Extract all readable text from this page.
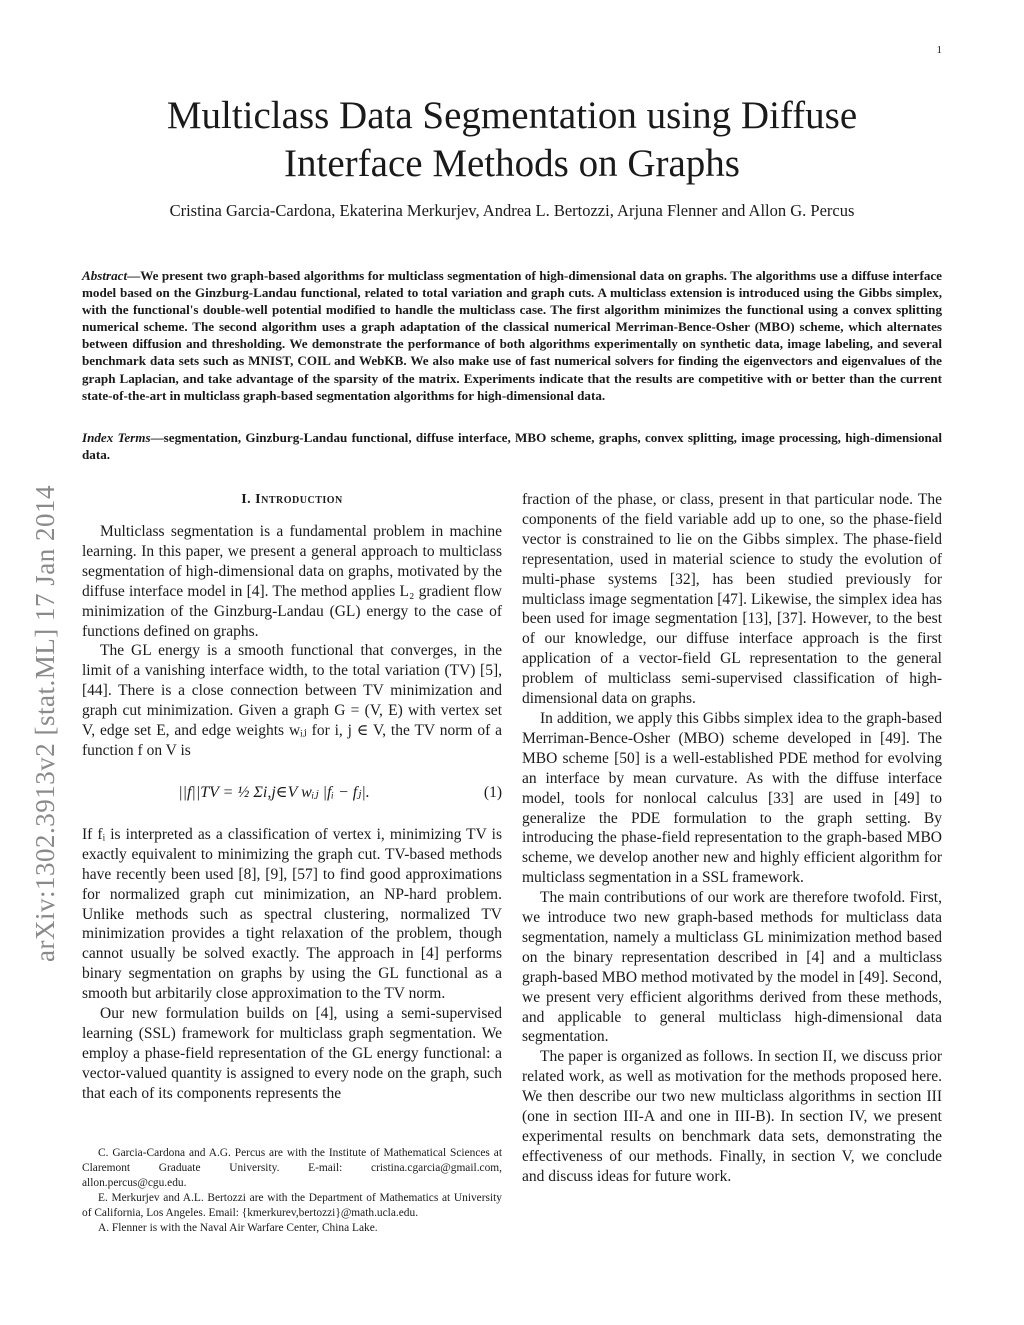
1
arXiv:1302.3913v2 [stat.ML] 17 Jan 2014
Multiclass Data Segmentation using Diffuse
Interface Methods on Graphs
Cristina Garcia-Cardona, Ekaterina Merkurjev, Andrea L. Bertozzi, Arjuna Flenner and Allon G. Percus

Abstract—We present two graph-based algorithms for multiclass segmentation of high-dimensional data on graphs. The algorithms use a diffuse interface model based on the Ginzburg-Landau functional, related to total variation and graph cuts. A multiclass extension is introduced using the Gibbs simplex, with the functional's double-well potential modified to handle the multiclass case. The first algorithm minimizes the functional using a convex splitting numerical scheme. The second algorithm uses a graph adaptation of the classical numerical Merriman-Bence-Osher (MBO) scheme, which alternates between diffusion and thresholding. We demonstrate the performance of both algorithms experimentally on synthetic data, image labeling, and several benchmark data sets such as MNIST, COIL and WebKB. We also make use of fast numerical solvers for finding the eigenvectors and eigenvalues of the graph Laplacian, and take advantage of the sparsity of the matrix. Experiments indicate that the results are competitive with or better than the current state-of-the-art in multiclass graph-based segmentation algorithms for high-dimensional data.

Index Terms—segmentation, Ginzburg-Landau functional, diffuse interface, MBO scheme, graphs, convex splitting, image processing, high-dimensional data.

I. Introduction

Multiclass segmentation is a fundamental problem in machine learning. In this paper, we present a general approach to multiclass segmentation of high-dimensional data on graphs, motivated by the diffuse interface model in [4]. The method applies L₂ gradient flow minimization of the Ginzburg-Landau (GL) energy to the case of functions defined on graphs.

The GL energy is a smooth functional that converges, in the limit of a vanishing interface width, to the total variation (TV) [5], [44]. There is a close connection between TV minimization and graph cut minimization. Given a graph G = (V, E) with vertex set V, edge set E, and edge weights wᵢⱼ for i, j ∈ V, the TV norm of a function f on V is

||f||TV = ½ Σi,j∈V wᵢⱼ |fᵢ − fⱼ|.	(1)

If fᵢ is interpreted as a classification of vertex i, minimizing TV is exactly equivalent to minimizing the graph cut. TV-based methods have recently been used [8], [9], [57] to find good approximations for normalized graph cut minimization, an NP-hard problem. Unlike methods such as spectral clustering, normalized TV minimization provides a tight relaxation of the problem, though cannot usually be solved exactly. The approach in [4] performs binary segmentation on graphs by using the GL functional as a smooth but arbitarily close approximation to the TV norm.

Our new formulation builds on [4], using a semi-supervised learning (SSL) framework for multiclass graph segmentation. We employ a phase-field representation of the GL energy functional: a vector-valued quantity is assigned to every node on the graph, such that each of its components represents the

C. Garcia-Cardona and A.G. Percus are with the Institute of Mathematical Sciences at Claremont Graduate University. E-mail: cristina.cgarcia@gmail.com, allon.percus@cgu.edu.

E. Merkurjev and A.L. Bertozzi are with the Department of Mathematics at University of California, Los Angeles. Email: {kmerkurev,bertozzi}@math.ucla.edu.

A. Flenner is with the Naval Air Warfare Center, China Lake.

fraction of the phase, or class, present in that particular node. The components of the field variable add up to one, so the phase-field vector is constrained to lie on the Gibbs simplex. The phase-field representation, used in material science to study the evolution of multi-phase systems [32], has been studied previously for multiclass image segmentation [47]. Likewise, the simplex idea has been used for image segmentation [13], [37]. However, to the best of our knowledge, our diffuse interface approach is the first application of a vector-field GL representation to the general problem of multiclass semi-supervised classification of high-dimensional data on graphs.

In addition, we apply this Gibbs simplex idea to the graph-based Merriman-Bence-Osher (MBO) scheme developed in [49]. The MBO scheme [50] is a well-established PDE method for evolving an interface by mean curvature. As with the diffuse interface model, tools for nonlocal calculus [33] are used in [49] to generalize the PDE formulation to the graph setting. By introducing the phase-field representation to the graph-based MBO scheme, we develop another new and highly efficient algorithm for multiclass segmentation in a SSL framework.

The main contributions of our work are therefore twofold. First, we introduce two new graph-based methods for multiclass data segmentation, namely a multiclass GL minimization method based on the binary representation described in [4] and a multiclass graph-based MBO method motivated by the model in [49]. Second, we present very efficient algorithms derived from these methods, and applicable to general multiclass high-dimensional data segmentation.

The paper is organized as follows. In section II, we discuss prior related work, as well as motivation for the methods proposed here. We then describe our two new multiclass algorithms in section III (one in section III-A and one in III-B). In section IV, we present experimental results on benchmark data sets, demonstrating the effectiveness of our methods. Finally, in section V, we conclude and discuss ideas for future work.
